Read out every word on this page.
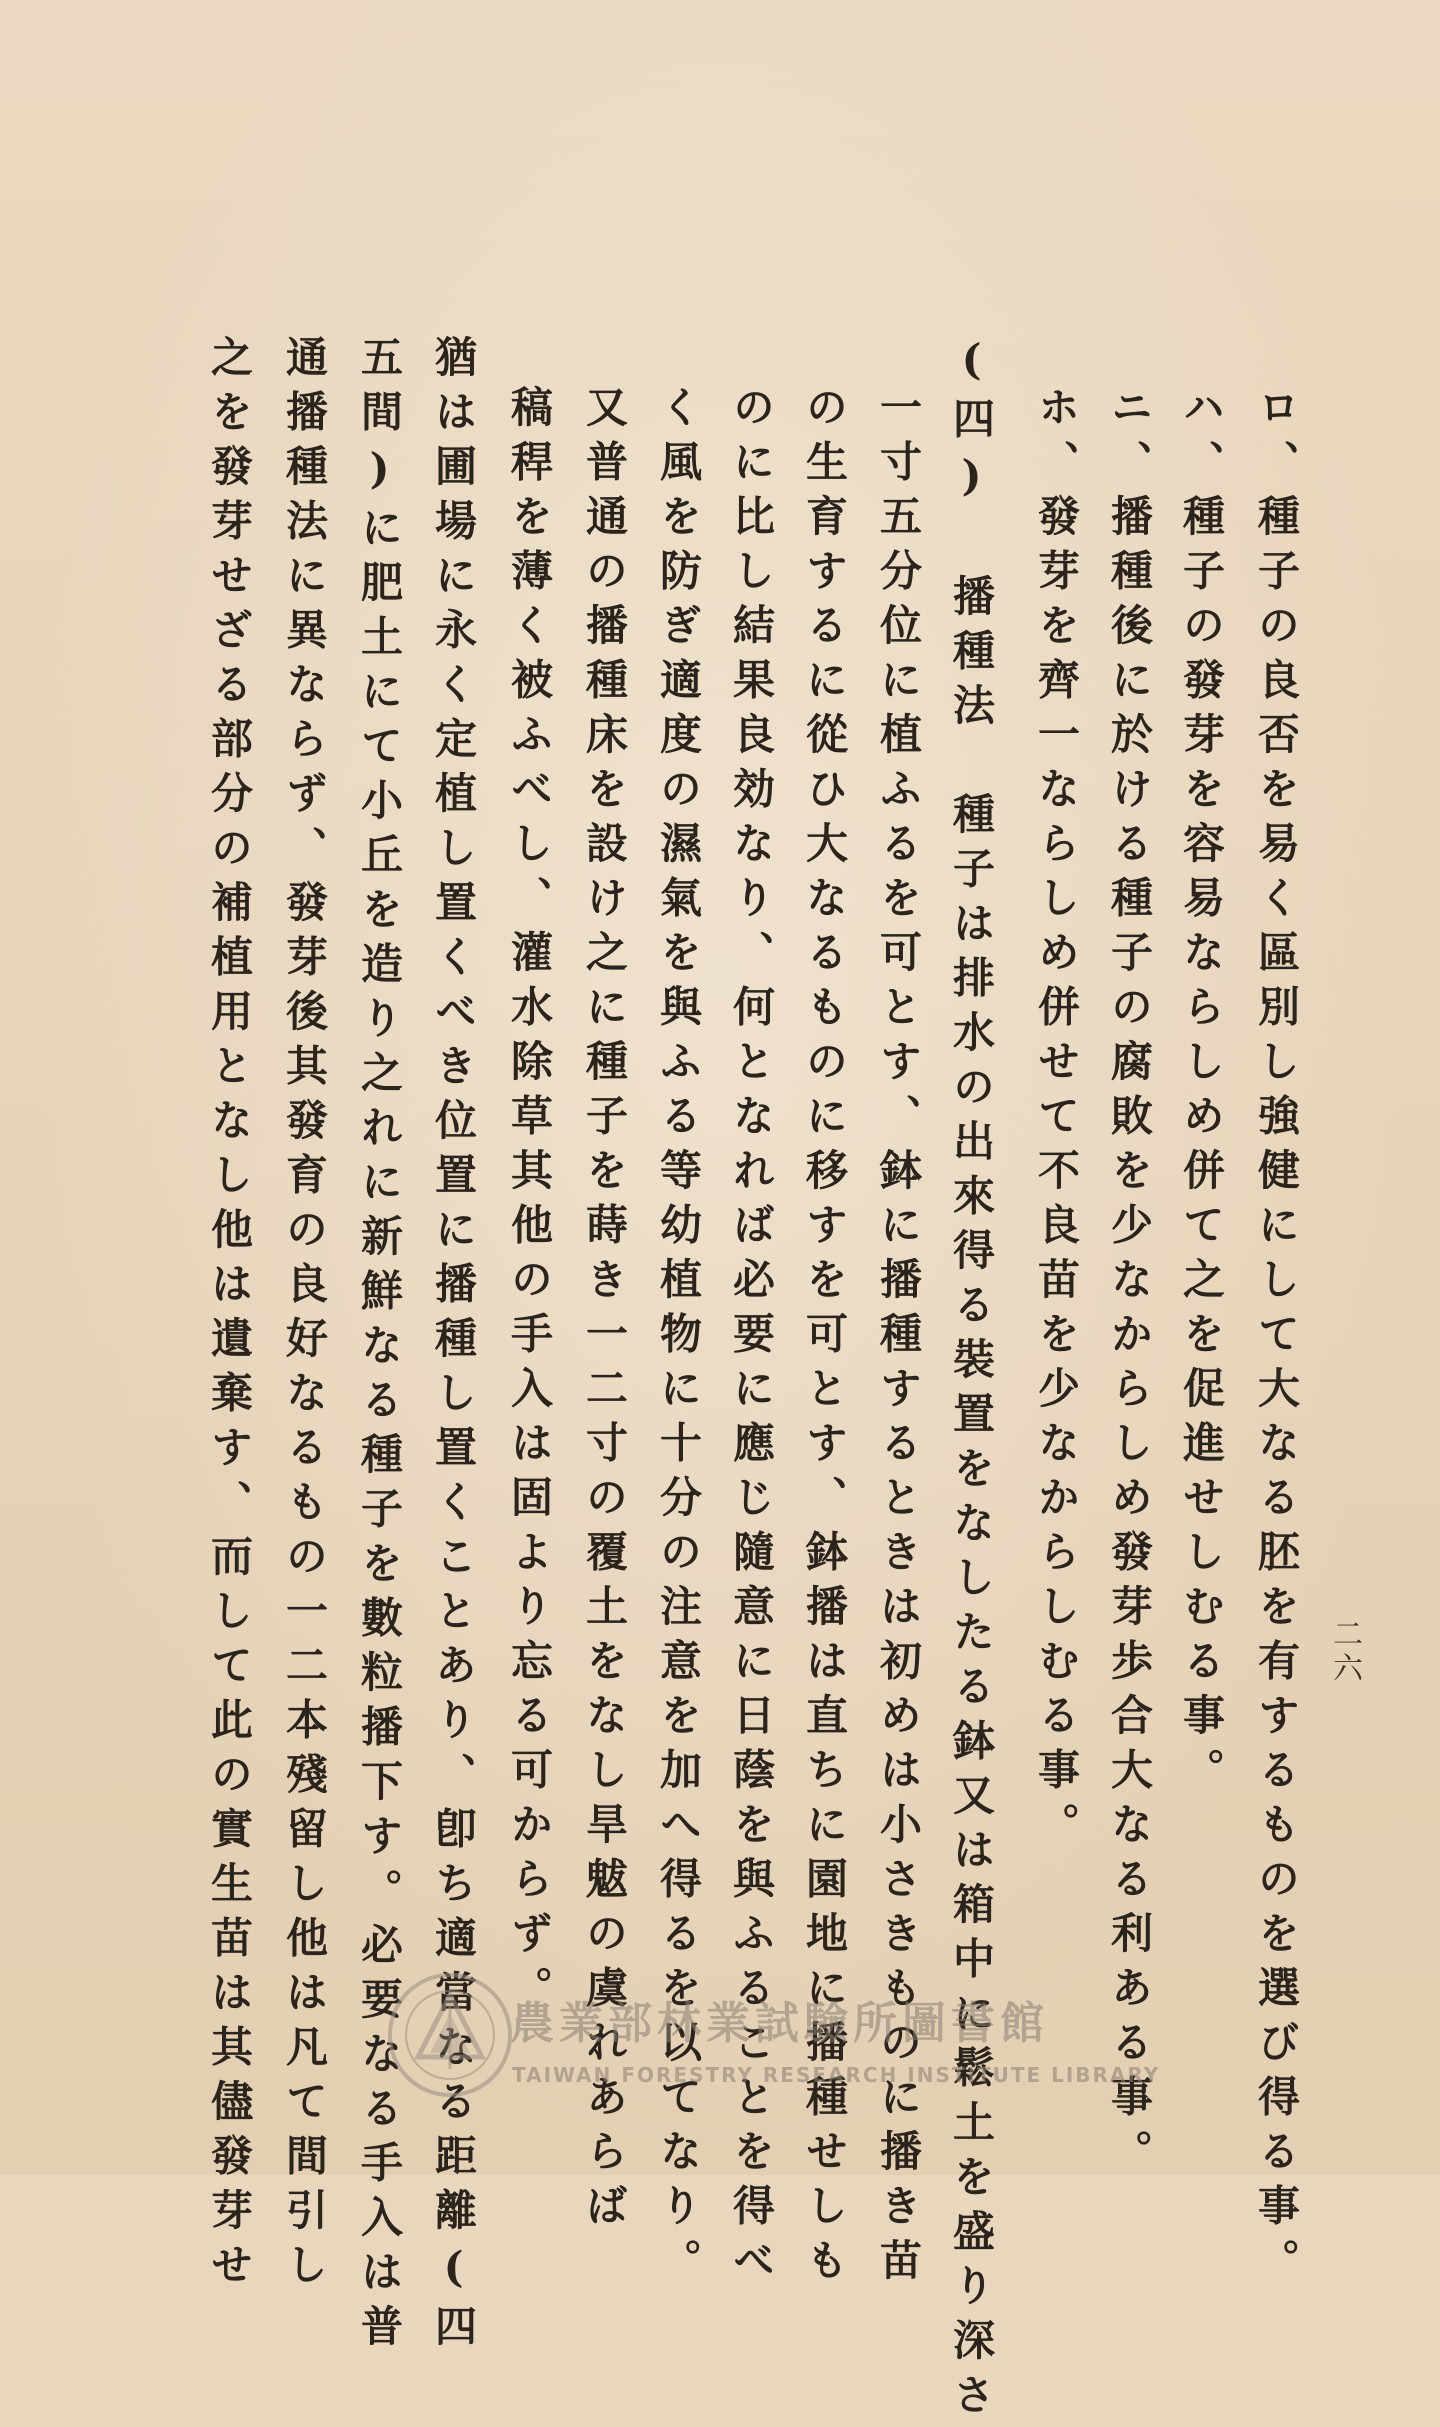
二六
ロ、種子の良否を易く區別し強健にして大なる胚を有するものを選び得る事。
ハ、種子の發芽を容易ならしめ併て之を促進せしむる事。
ニ、播種後に於ける種子の腐敗を少なからしめ發芽歩合大なる利ある事。
ホ、發芽を齊一ならしめ併せて不良苗を少なからしむる事。
(四) 播種法　種子は排水の出來得る裝置をなしたる鉢又は箱中に鬆土を盛り深さ
一寸五分位に植ふるを可とす、鉢に播種するときは初めは小さきものに播き苗
の生育するに從ひ大なるものに移すを可とす、鉢播は直ちに園地に播種せしも
のに比し結果良効なり、何となれば必要に應じ隨意に日蔭を與ふることを得べ
く風を防ぎ適度の濕氣を與ふる等幼植物に十分の注意を加へ得るを以てなり。
又普通の播種床を設け之に種子を蒔き一二寸の覆土をなし旱魃の虞れあらば
稿稈を薄く被ふべし、灌水除草其他の手入は固より忘る可からず。
猶は圃場に永く定植し置くべき位置に播種し置くことあり、卽ち適當なる距離(四
五間)に肥土にて小丘を造り之れに新鮮なる種子を數粒播下す。必要なる手入は普
通播種法に異ならず、發芽後其發育の良好なるもの一二本殘留し他は凡て間引し
之を發芽せざる部分の補植用となし他は遺棄す、而して此の實生苗は其儘發芽せ	農業部林業試驗所圖書館
TAIWAN FORESTRY RESEARCH INSTITUTE LIBRARY
